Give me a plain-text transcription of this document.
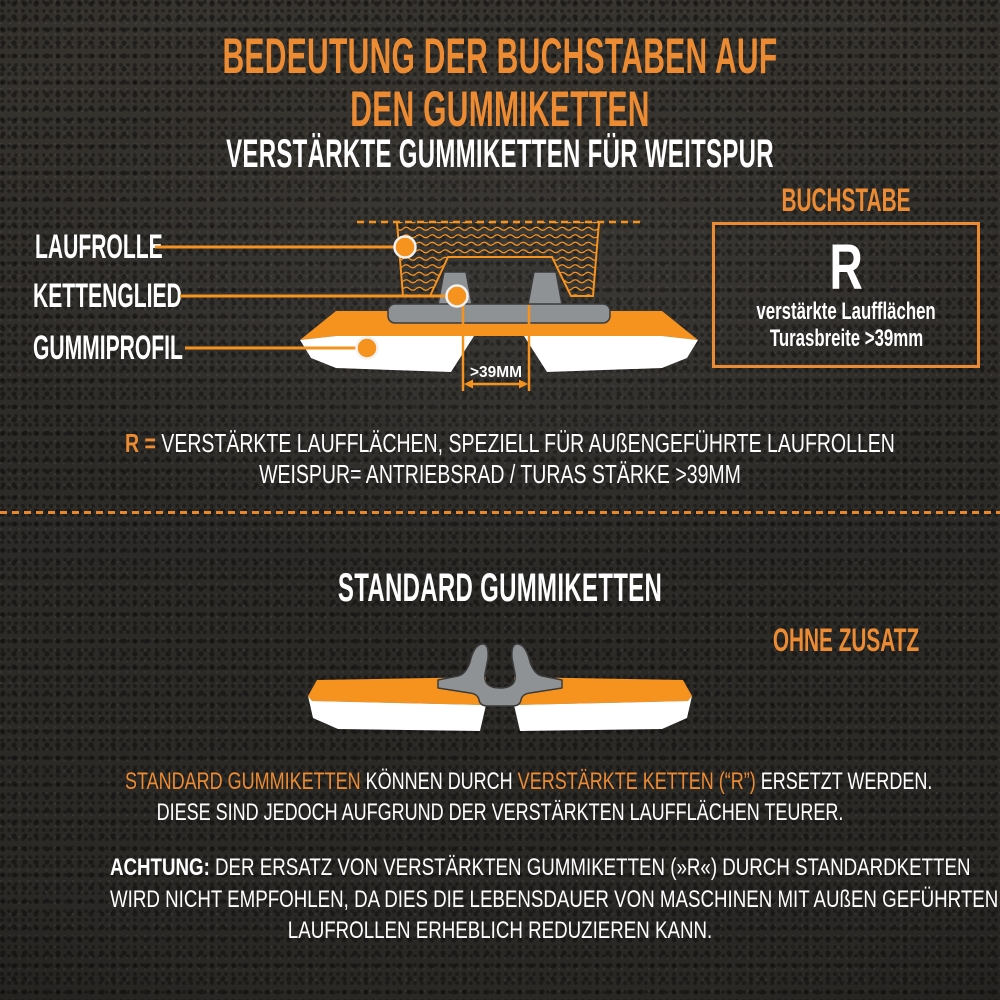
BEDEUTUNG DER BUCHSTABEN AUF DEN GUMMIKETTEN
VERSTÄRKTE GUMMIKETTEN FÜR WEITSPUR
LAUFROLLE
KETTENGLIED
GUMMIPROFIL
>39MM
BUCHSTABE
R
verstärkte Laufflächen
Turasbreite >39mm
R = VERSTÄRKTE LAUFFLÄCHEN, SPEZIELL FÜR AUßENGEFÜHRTE LAUFROLLEN
WEISPUR= ANTRIEBSRAD / TURAS STÄRKE >39MM
STANDARD GUMMIKETTEN
OHNE ZUSATZ
STANDARD GUMMIKETTEN KÖNNEN DURCH VERSTÄRKTE KETTEN (“R”) ERSETZT WERDEN.
DIESE SIND JEDOCH AUFGRUND DER VERSTÄRKTEN LAUFFLÄCHEN TEURER.
ACHTUNG: DER ERSATZ VON VERSTÄRKTEN GUMMIKETTEN (»R«) DURCH STANDARDKETTEN
WIRD NICHT EMPFOHLEN, DA DIES DIE LEBENSDAUER VON MASCHINEN MIT AUßEN GEFÜHRTEN
LAUFROLLEN ERHEBLICH REDUZIEREN KANN.
